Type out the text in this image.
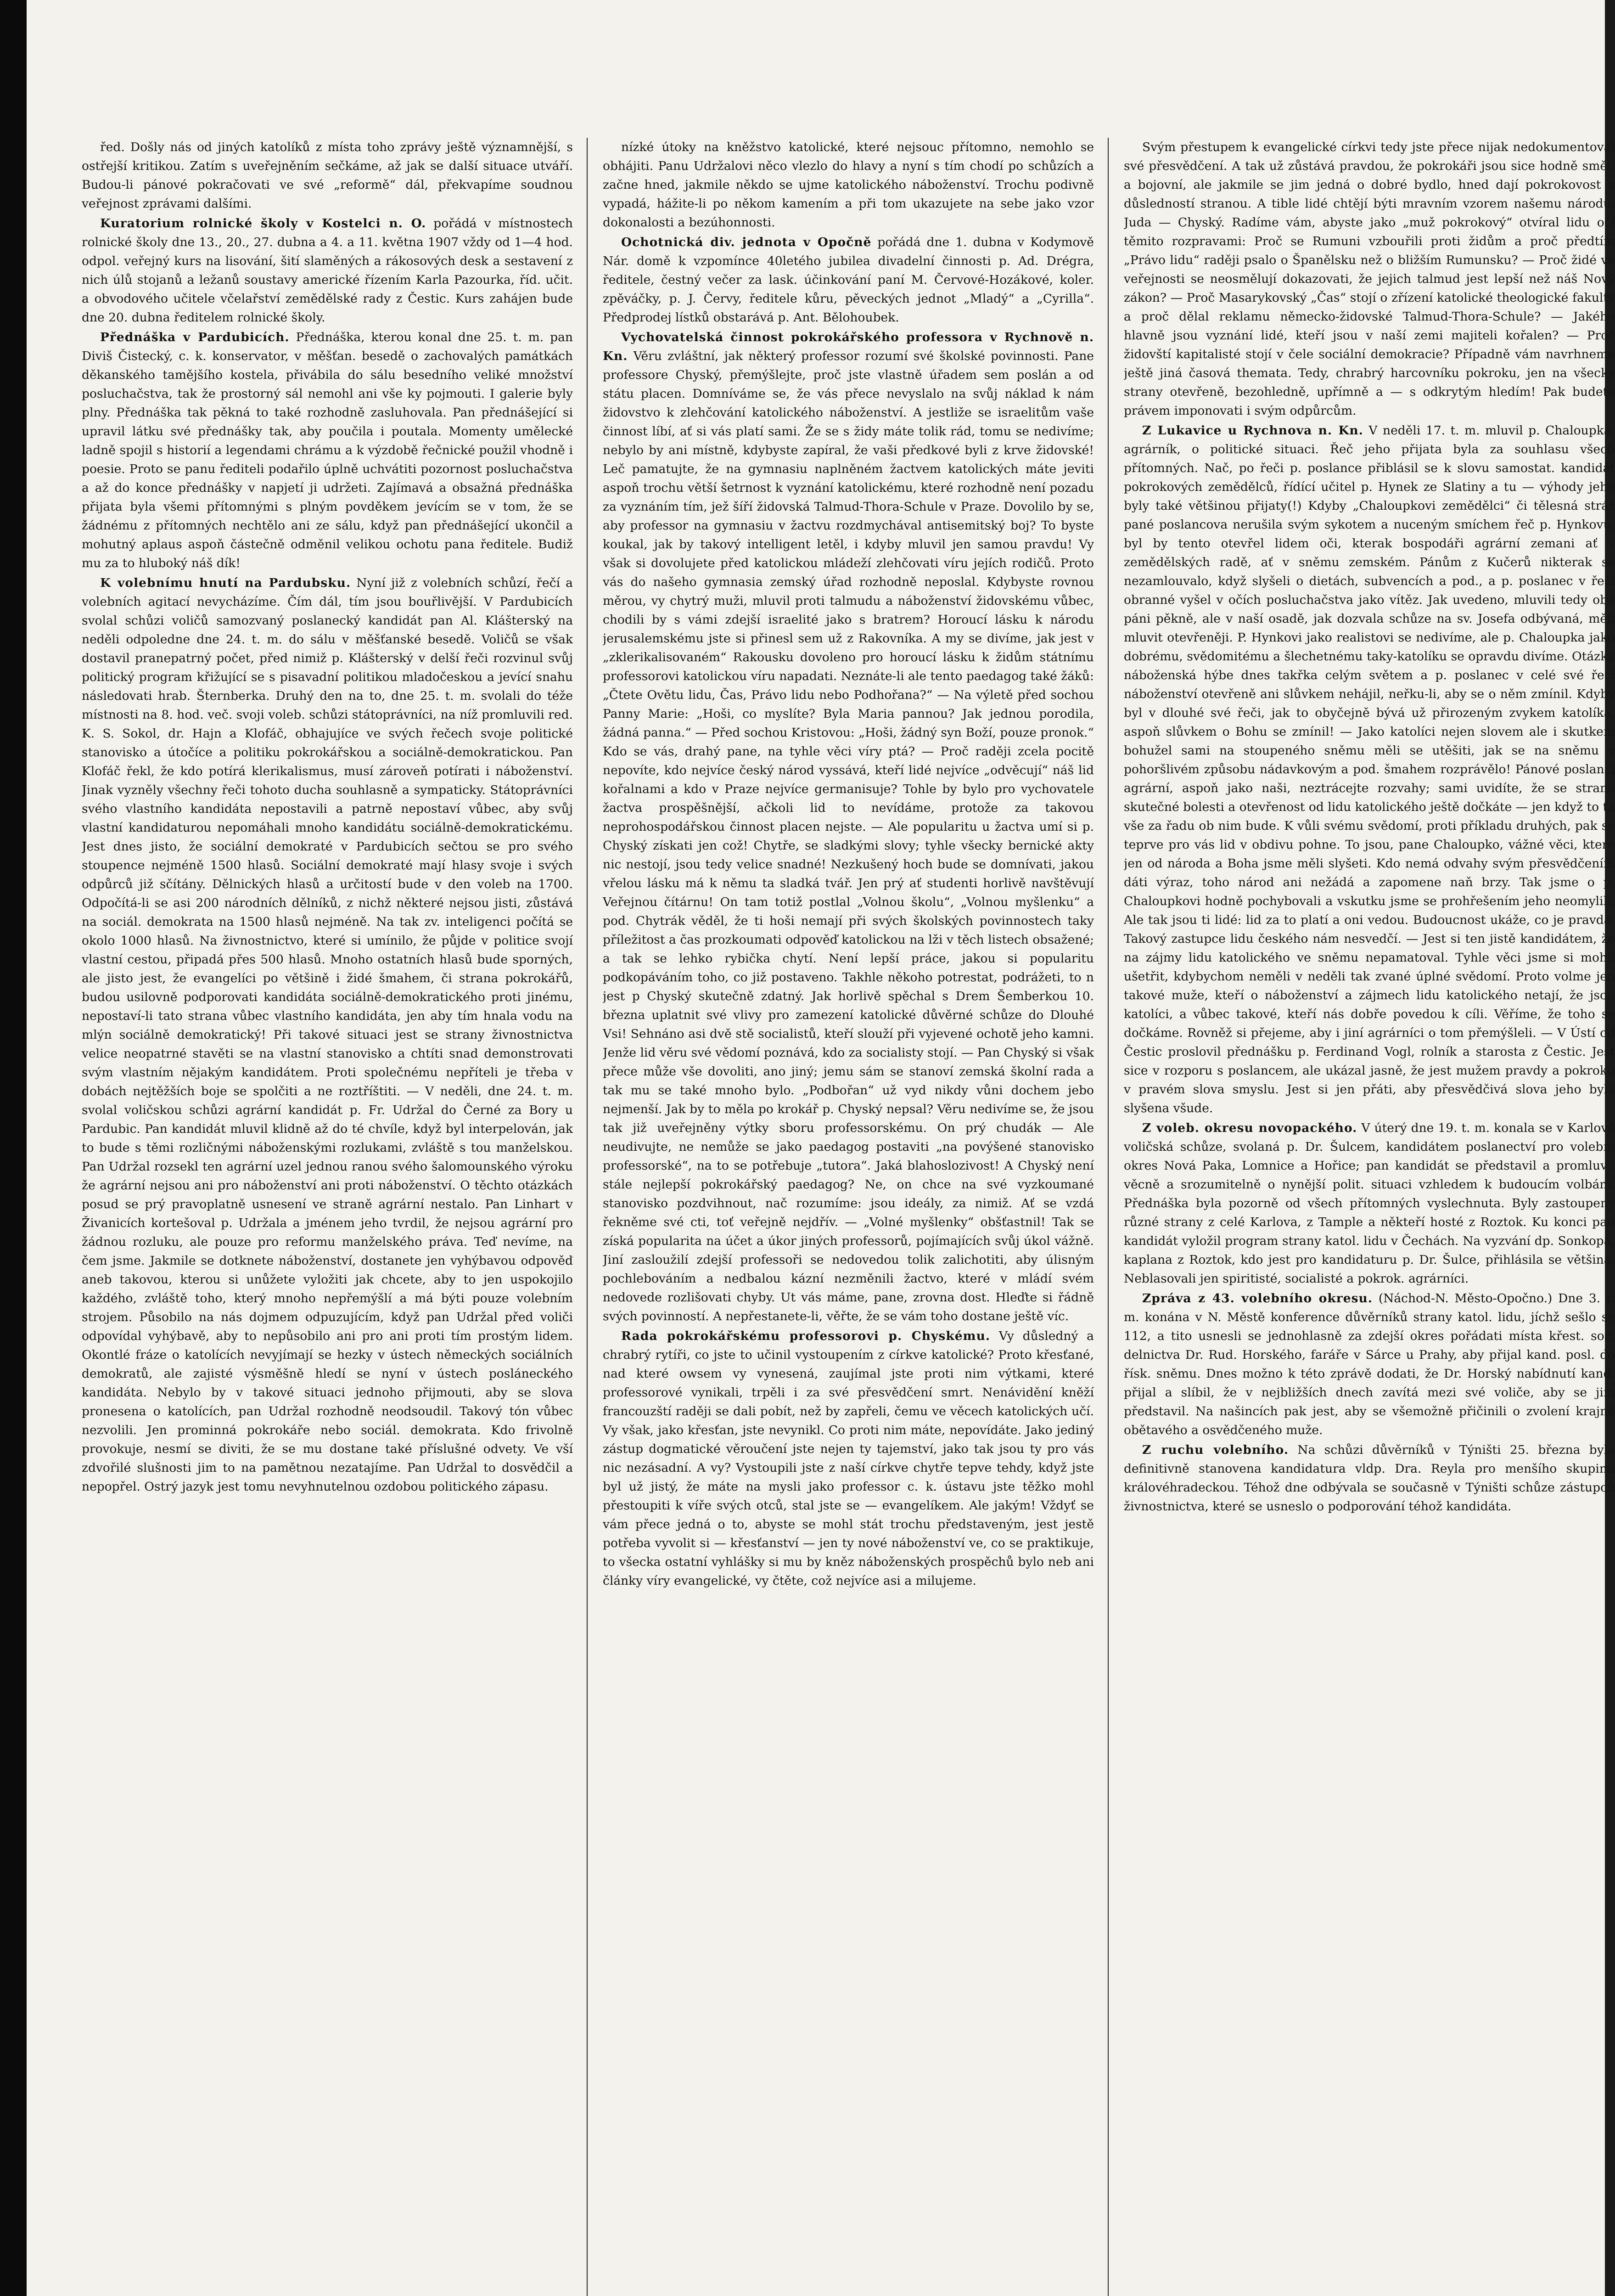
řed. Došly nás od jiných katolíků z místa toho zprávy ještě významnější, s ostřejší kritikou. Zatím s uveřejněním sečkáme, až jak se další situace utváří. Budou-li pánové pokračovati ve své „reformě“ dál, překvapíme soudnou veřejnost zprávami dalšími.

Kuratorium rolnické školy v Kostelci n. O. pořádá v místnostech rolnické školy dne 13., 20., 27. dubna a 4. a 11. května 1907 vždy od 1—4 hod. odpol. veřejný kurs na lisování, šití slaměných a rákosových desk a sestavení z nich úlů stojanů a ležanů soustavy americké řízením Karla Pazourka, říd. učit. a obvodového učitele včelařství zemědělské rady z Čestic. Kurs zahájen bude dne 20. dubna ředitelem rolnické školy.

Přednáška v Pardubicích. Přednáška, kterou konal dne 25. t. m. pan Diviš Čistecký, c. k. konservator, v měšťan. besedě o zachovalých památkách děkanského tamějšího kostela, přivábila do sálu besedního veliké množství posluchačstva, tak že prostorný sál nemohl ani vše ky pojmouti. I galerie byly plny. Přednáška tak pěkná to také rozhodně zasluhovala. Pan přednášející si upravil látku své přednášky tak, aby poučila i poutala. Momenty umělecké ladně spojil s historií a legendami chrámu a k výzdobě řečnické použil vhodně i poesie. Proto se panu řediteli podařilo úplně uchvátiti pozornost posluchačstva a až do konce přednášky v napjetí ji udržeti. Zajímavá a obsažná přednáška přijata byla všemi přítomnými s plným povděkem jevícím se v tom, že se žádnému z přítomných nechtělo ani ze sálu, když pan přednášející ukončil a mohutný aplaus aspoň částečně odměnil velikou ochotu pana ředitele. Budiž mu za to hluboký náš dík!

K volebnímu hnutí na Pardubsku. Nyní již z volebních schůzí, řečí a volebních agitací nevycházíme. Čím dál, tím jsou bouřlivější. V Pardubicích svolal schůzi voličů samozvaný poslanecký kandidát pan Al. Klášterský na neděli odpoledne dne 24. t. m. do sálu v měšťanské besedě. Voličů se však dostavil pranepatrný počet, před nimiž p. Klášterský v delší řeči rozvinul svůj politický program křižující se s pisavadní politikou mladočeskou a jevící snahu následovati hrab. Šternberka. Druhý den na to, dne 25. t. m. svolali do téže místnosti na 8. hod. več. svoji voleb. schůzi státoprávníci, na níž promluvili red. K. S. Sokol, dr. Hajn a Klofáč, obhajujíce ve svých řečech svoje politické stanovisko a útočíce a politiku pokrokářskou a sociálně-demokratickou. Pan Klofáč řekl, že kdo potírá klerikalismus, musí zároveň potírati i náboženství. Jinak vyzněly všechny řeči tohoto ducha souhlasně a sympaticky. Státoprávníci svého vlastního kandidáta nepostavili a patrně nepostaví vůbec, aby svůj vlastní kandidaturou nepomáhali mnoho kandidátu sociálně-demokratickému. Jest dnes jisto, že sociální demokraté v Pardubicích sečtou se pro svého stoupence nejméně 1500 hlasů. Sociální demokraté mají hlasy svoje i svých odpůrců již sčítány. Dělnických hlasů a určitostí bude v den voleb na 1700. Odpočítá-li se asi 200 národních dělníků, z nichž některé nejsou jisti, zůstává na sociál. demokrata na 1500 hlasů nejméně. Na tak zv. inteligenci počítá se okolo 1000 hlasů. Na živnostnictvo, které si umínilo, že půjde v politice svojí vlastní cestou, připadá přes 500 hlasů. Mnoho ostatních hlasů bude sporných, ale jisto jest, že evangelíci po většině i židé šmahem, či strana pokrokářů, budou usilovně podporovati kandidáta sociálně-demokratického proti jinému, nepostaví-li tato strana vůbec vlastního kandidáta, jen aby tím hnala vodu na mlýn sociálně demokratický! Při takové situaci jest se strany živnostnictva velice neopatrné stavěti se na vlastní stanovisko a chtíti snad demonstrovati svým vlastním nějakým kandidátem. Proti společnému nepříteli je třeba v dobách nejtěžších boje se spolčiti a ne roztříštiti. — V neděli, dne 24. t. m. svolal voličskou schůzi agrární kandidát p. Fr. Udržal do Černé za Bory u Pardubic. Pan kandidát mluvil klidně až do té chvíle, když byl interpelován, jak to bude s těmi rozličnými náboženskými rozlukami, zvláště s tou manželskou. Pan Udržal rozsekl ten agrární uzel jednou ranou svého šalomounského výroku že agrární nejsou ani pro náboženství ani proti náboženství. O těchto otázkách posud se prý pravoplatně usnesení ve straně agrární nestalo. Pan Linhart v Živanicích kortešoval p. Udržala a jménem jeho tvrdil, že nejsou agrární pro žádnou rozluku, ale pouze pro reformu manželského práva. Teď nevíme, na čem jsme. Jakmile se dotknete náboženství, dostanete jen vyhýbavou odpověď aneb takovou, kterou si unůžete vyložiti jak chcete, aby to jen uspokojilo každého, zvláště toho, který mnoho nepřemýšlí a má býti pouze volebním strojem. Působilo na nás dojmem odpuzujícím, když pan Udržal před voliči odpovídal vyhýbavě, aby to nepůsobilo ani pro ani proti tím prostým lidem. Okontlé fráze o katolících nevyjímají se hezky v ústech německých sociálních demokratů, ale zajisté výsměšně hledí se nyní v ústech posláneckého kandidáta. Nebylo by v takové situaci jednoho přijmouti, aby se slova pronesena o katolících, pan Udržal rozhodně neodsoudil. Takový tón vůbec nezvolili. Jen prominná pokrokáře nebo sociál. demokrata. Kdo frivolně provokuje, nesmí se diviti, že se mu dostane také příslušné odvety. Ve vší zdvořilé slušnosti jim to na pamětnou nezatajíme. Pan Udržal to dosvědčil a nepopřel. Ostrý jazyk jest tomu nevyhnutelnou ozdobou politického zápasu.

nízké útoky na kněžstvo katolické, které nejsouc přítomno, nemohlo se obhájiti. Panu Udržalovi něco vlezlo do hlavy a nyní s tím chodí po schůzích a začne hned, jakmile někdo se ujme katolického náboženství. Trochu podivně vypadá, hážite-li po někom kamením a při tom ukazujete na sebe jako vzor dokonalosti a bezúhonnosti.

Ochotnická div. jednota v Opočně pořádá dne 1. dubna v Kodymově Nár. domě k vzpomínce 40letého jubilea divadelní činnosti p. Ad. Drégra, ředitele, čestný večer za lask. účinkování paní M. Červové-Hozákové, koler. zpěváčky, p. J. Červy, ředitele kůru, pěveckých jednot „Mladý“ a „Cyrilla“. Předprodej lístků obstarává p. Ant. Bělohoubek.

Vychovatelská činnost pokrokářského professora v Rychnově n. Kn. Věru zvláštní, jak některý professor rozumí své školské povinnosti. Pane professore Chyský, přemýšlejte, proč jste vlastně úřadem sem poslán a od státu placen. Domníváme se, že vás přece nevyslalo na svůj náklad k nám židovstvo k zlehčování katolického náboženství. A jestliže se israelitům vaše činnost líbí, ať si vás platí sami. Že se s židy máte tolik rád, tomu se nedivíme; nebylo by ani místně, kdybyste zapíral, že vaši předkové byli z krve židovské! Leč pamatujte, že na gymnasiu naplněném žactvem katolických máte jeviti aspoň trochu větší šetrnost k vyznání katolickému, které rozhodně není pozadu za vyznáním tím, jež šíří židovská Talmud-Thora-Schule v Praze. Dovolilo by se, aby professor na gymnasiu v žactvu rozdmychával antisemitský boj? To byste koukal, jak by takový intelligent letěl, i kdyby mluvil jen samou pravdu! Vy však si dovolujete před katolickou mládeží zlehčovati víru jejích rodičů. Proto vás do našeho gymnasia zemský úřad rozhodně neposlal. Kdybyste rovnou měrou, vy chytrý muži, mluvil proti talmudu a náboženství židovskému vůbec, chodili by s vámi zdejší israelité jako s bratrem? Horoucí lásku k národu jerusalemskému jste si přinesl sem už z Rakovníka. A my se divíme, jak jest v „zklerikalisovaném“ Rakousku dovoleno pro horoucí lásku k židům státnímu professorovi katolickou víru napadati. Neznáte-li ale tento paedagog také žáků: „Čtete Ovětu lidu, Čas, Právo lidu nebo Podhořana?“ — Na výletě před sochou Panny Marie: „Hoši, co myslíte? Byla Maria pannou? Jak jednou porodila, žádná panna.“ — Před sochou Kristovou: „Hoši, žádný syn Boží, pouze pronok.“ Kdo se vás, drahý pane, na tyhle věci víry ptá? — Proč raději zcela pocitě nepovíte, kdo nejvíce český národ vyssává, kteří lidé nejvíce „odvěcují“ náš lid kořalnami a kdo v Praze nejvíce germanisuje? Tohle by bylo pro vychovatele žactva prospěšnější, ačkoli lid to nevídáme, protože za takovou neprohospodářskou činnost placen nejste. — Ale popularitu u žactva umí si p. Chyský získati jen což! Chytře, se sladkými slovy; tyhle všecky bernické akty nic nestojí, jsou tedy velice snadné! Nezkušený hoch bude se domnívati, jakou vřelou lásku má k němu ta sladká tvář. Jen prý ať studenti horlivě navštěvují Veřejnou čítárnu! On tam totiž postlal „Volnou školu“, „Volnou myšlenku“ a pod. Chytrák věděl, že ti hoši nemají při svých školských povinnostech taky příležitost a čas prozkoumati odpověď katolickou na lži v těch listech obsažené; a tak se lehko rybička chytí. Není lepší práce, jakou si popularitu podkopáváním toho, co již postaveno. Takhle někoho potrestat, podrážeti, to n jest p Chyský skutečně zdatný. Jak horlivě spěchal s Drem Šemberkou 10. března uplatnit své vlivy pro zamezení katolické důvěrné schůze do Dlouhé Vsi! Sehnáno asi dvě stě socialistů, kteří slouží při vyjevené ochotě jeho kamni. Jenže lid věru své vědomí poznává, kdo za socialisty stojí. — Pan Chyský si však přece může vše dovoliti, ano jiný; jemu sám se stanoví zemská školní rada a tak mu se také mnoho bylo. „Podbořan“ už vyd nikdy vůni dochem jebo nejmenší. Jak by to měla po krokář p. Chyský nepsal? Věru nedivíme se, že jsou tak již uveřejněny výtky sboru professorskému. On prý chudák — Ale neudivujte, ne nemůže se jako paedagog postaviti „na povýšené stanovisko professorské“, na to se potřebuje „tutora“. Jaká blahoslozivost! A Chyský není stále nejlepší pokrokářský paedagog? Ne, on chce na své vyzkoumané stanovisko pozdvihnout, nač rozumíme: jsou ideály, za nimiž. Ať se vzdá řekněme své cti, toť veřejně nejdřív. — „Volné myšlenky“ obšťastnil! Tak se získá popularita na účet a úkor jiných professorů, pojímajících svůj úkol vážně. Jiní zasloužilí zdejší professoři se nedovedou tolik zalichotiti, aby úlisným pochlebováním a nedbalou kázní nezměnili žactvo, které v mládí svém nedovede rozlišovati chyby. Ut vás máme, pane, zrovna dost. Hleďte si řádně svých povinností. A nepřestanete-li, věřte, že se vám toho dostane ještě víc.

Rada pokrokářskému professorovi p. Chyskému. Vy důsledný a chrabrý rytíři, co jste to učinil vystoupením z církve katolické? Proto křesťané, nad které owsem vy vynesená, zaujímal jste proti nim výtkami, které professorové vynikali, trpěli i za své přesvědčení smrt. Nenávidění kněží francouzští raději se dali pobít, než by zapřeli, čemu ve věcech katolických učí. Vy však, jako křesťan, jste nevynikl. Co proti nim máte, nepovídáte. Jako jediný zástup dogmatické věroučení jste nejen ty tajemství, jako tak jsou ty pro vás nic nezásadní. A vy? Vystoupili jste z naší církve chytře tepve tehdy, když jste byl už jistý, že máte na mysli jako professor c. k. ústavu jste těžko mohl přestoupiti k víře svých otců, stal jste se — evangelíkem. Ale jakým! Vždyť se vám přece jedná o to, abyste se mohl stát trochu představeným, jest jestě potřeba vyvolit si — křesťanství — jen ty nové náboženství ve, co se praktikuje, to všecka ostatní vyhlášky si mu by kněz náboženských prospěchů bylo neb ani články víry evangelické, vy čtěte, což nejvíce asi a milujeme.

Svým přestupem k evangelické církvi tedy jste přece nijak nedokumentoval své přesvědčení. A tak už zůstává pravdou, že pokrokáři jsou sice hodně smělí a bojovní, ale jakmile se jim jedná o dobré bydlo, hned dají pokrokovost a důsledností stranou. A tible lidé chtějí býti mravním vzorem našemu národu. Juda — Chyský. Radíme vám, abyste jako „muž pokrokový“ otvíral lidu oči těmito rozpravami: Proč se Rumuni vzbouřili proti židům a proč předtím „Právo lidu“ raději psalo o Španělsku než o bližším Rumunsku? — Proč židé ve veřejnosti se neosmělují dokazovati, že jejich talmud jest lepší než náš Nový zákon? — Proč Masarykovský „Čas“ stojí o zřízení katolické theologické fakulty a proč dělal reklamu německo-židovské Talmud-Thora-Schule? — Jakého hlavně jsou vyznání lidé, kteří jsou v naší zemi majiteli kořalen? — Proč židovští kapitalisté stojí v čele sociální demokracie? Případně vám navrhneme ještě jiná časová themata. Tedy, chrabrý harcovníku pokroku, jen na všecky strany otevřeně, bezohledně, upřímně a — s odkrytým hledím! Pak budete právem imponovati i svým odpůrcům.

Z Lukavice u Rychnova n. Kn. V neděli 17. t. m. mluvil p. Chaloupka, agrárník, o politické situaci. Řeč jeho přijata byla za souhlasu všech přítomných. Nač, po řeči p. poslance přiblásil se k slovu samostat. kandidát pokrokových zemědělců, řídící učitel p. Hynek ze Slatiny a tu — výhody jeho byly také většinou přijaty(!) Kdyby „Chaloupkovi zemědělci“ či tělesná stráž pané poslancova nerušila svým sykotem a nuceným smíchem řeč p. Hynkovu, byl by tento otevřel lidem oči, kterak bospodáři agrární zemani ať v zemědělských radě, ať v sněmu zemském. Pánům z Kučerů nikterak se nezamlouvalo, když slyšeli o dietách, subvencích a pod., a p. poslanec v řeči obranné vyšel v očích posluchačstva jako vítěz. Jak uvedeno, mluvili tedy oba páni pěkně, ale v naší osadě, jak dozvala schůze na sv. Josefa odbývaná, měli mluvit otevřeněji. P. Hynkovi jako realistovi se nedivíme, ale p. Chaloupka jako dobrému, svědomitému a šlechetnému taky-katolíku se opravdu divíme. Otázka náboženská hýbe dnes takřka celým světem a p. poslanec v celé své řeči náboženství otevřeně ani slůvkem nehájil, neřku-li, aby se o něm zmínil. Kdyby byl v dlouhé své řeči, jak to obyčejně bývá už přirozeným zvykem katolíka, aspoň slůvkem o Bohu se zmínil! — Jako katolíci nejen slovem ale i skutkem bohužel sami na stoupeného sněmu měli se utěšiti, jak se na sněmu v pohoršlivém způsobu nádavkovým a pod. šmahem rozprávělo! Pánové poslanci agrární, aspoň jako naši, neztrácejte rozvahy; sami uvidíte, že se strana skutečné bolesti a otevřenost od lidu katolického ještě dočkáte — jen když to ta vše za řadu ob nim bude. K vůli svému svědomí, proti příkladu druhých, pak se teprve pro vás lid v obdivu pohne. To jsou, pane Chaloupko, vážné věci, které jen od národa a Boha jsme měli slyšeti. Kdo nemá odvahy svým přesvědčením dáti výraz, toho národ ani nežádá a zapomene naň brzy. Tak jsme o p. Chaloupkovi hodně pochybovali a vskutku jsme se prohřešením jeho neomylili. Ale tak jsou ti lidé: lid za to platí a oni vedou. Budoucnost ukáže, co je pravda. Takový zastupce lidu českého nám nesvedčí. — Jest si ten jistě kandidátem, že na zájmy lidu katolického ve sněmu nepamatoval. Tyhle věci jsme si mohli ušetřit, kdybychom neměli v neděli tak zvané úplné svědomí. Proto volme jen takové muže, kteří o náboženství a zájmech lidu katolického netají, že jsou katolíci, a vůbec takové, kteří nás dobře povedou k cíli. Věříme, že toho se dočkáme. Rovněž si přejeme, aby i jiní agrárníci o tom přemýšleli. — V Ústí od Čestic proslovil přednášku p. Ferdinand Vogl, rolník a starosta z Čestic. Jest sice v rozporu s poslancem, ale ukázal jasně, že jest mužem pravdy a pokroku v pravém slova smyslu. Jest si jen přáti, aby přesvědčivá slova jeho byla slyšena všude.

Z voleb. okresu novopackého. V úterý dne 19. t. m. konala se v Karlově voličská schůze, svolaná p. Dr. Šulcem, kandidátem poslanectví pro volební okres Nová Paka, Lomnice a Hořice; pan kandidát se představil a promluvil věcně a srozumitelně o nynější polit. situaci vzhledem k budoucím volbám. Přednáška byla pozorně od všech přítomných vyslechnuta. Byly zastoupeny různé strany z celé Karlova, z Tample a někteří hosté z Roztok. Ku konci pan kandidát vyložil program strany katol. lidu v Čechách. Na vyzvání dp. Sonkopa, kaplana z Roztok, kdo jest pro kandidaturu p. Dr. Šulce, přihlásila se většina. Neblasovali jen spiritisté, socialisté a pokrok. agrárníci.

Zpráva z 43. volebního okresu. (Náchod-N. Město-Opočno.) Dne 3. t. m. konána v N. Městě konference důvěrníků strany katol. lidu, jíchž sešlo se 112, a tito usnesli se jednohlasně za zdejší okres pořádati místa křest. soc. delnictva Dr. Rud. Horského, faráře v Sárce u Prahy, aby přijal kand. posl. do řísk. sněmu. Dnes možno k této zprávě dodati, že Dr. Horský nabídnutí kand. přijal a slíbil, že v nejbližších dnech zavítá mezi své voliče, aby se jim představil. Na našincích pak jest, aby se všemožně přičinili o zvolení krajně obětavého a osvědčeného muže.

Z ruchu volebního. Na schůzi důvěrníků v Týništi 25. března byla definitivně stanovena kandidatura vldp. Dra. Reyla pro menšího skupinu královéhradeckou. Téhož dne odbývala se současně v Týništi schůze zástupců živnostnictva, které se usneslo o podporování téhož kandidáta.
